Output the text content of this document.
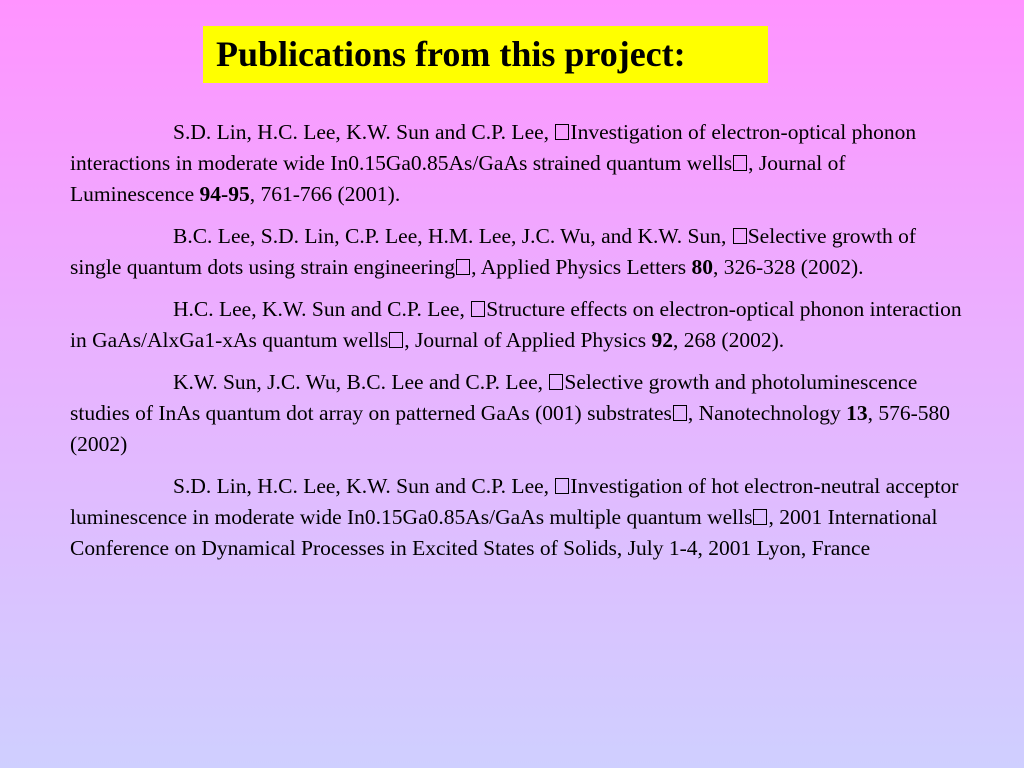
Publications from this project:

S.D. Lin, H.C. Lee, K.W. Sun and C.P. Lee, Investigation of electron-optical phonon interactions in moderate wide In0.15Ga0.85As/GaAs strained quantum wells , Journal of Luminescence 94-95, 761-766 (2001).

B.C. Lee, S.D. Lin, C.P. Lee, H.M. Lee, J.C. Wu, and K.W. Sun, Selective growth of single quantum dots using strain engineering , Applied Physics Letters 80, 326-328 (2002).

H.C. Lee, K.W. Sun and C.P. Lee, Structure effects on electron-optical phonon interaction in GaAs/AlxGa1-xAs quantum wells , Journal of Applied Physics 92, 268 (2002).

K.W. Sun, J.C. Wu, B.C. Lee and C.P. Lee, Selective growth and photoluminescence studies of InAs quantum dot array on patterned GaAs (001) substrates , Nanotechnology 13, 576-580 (2002)

S.D. Lin, H.C. Lee, K.W. Sun and C.P. Lee, Investigation of hot electron-neutral acceptor luminescence in moderate wide In0.15Ga0.85As/GaAs multiple quantum wells , 2001 International Conference on Dynamical Processes in Excited States of Solids, July 1-4, 2001 Lyon, France
